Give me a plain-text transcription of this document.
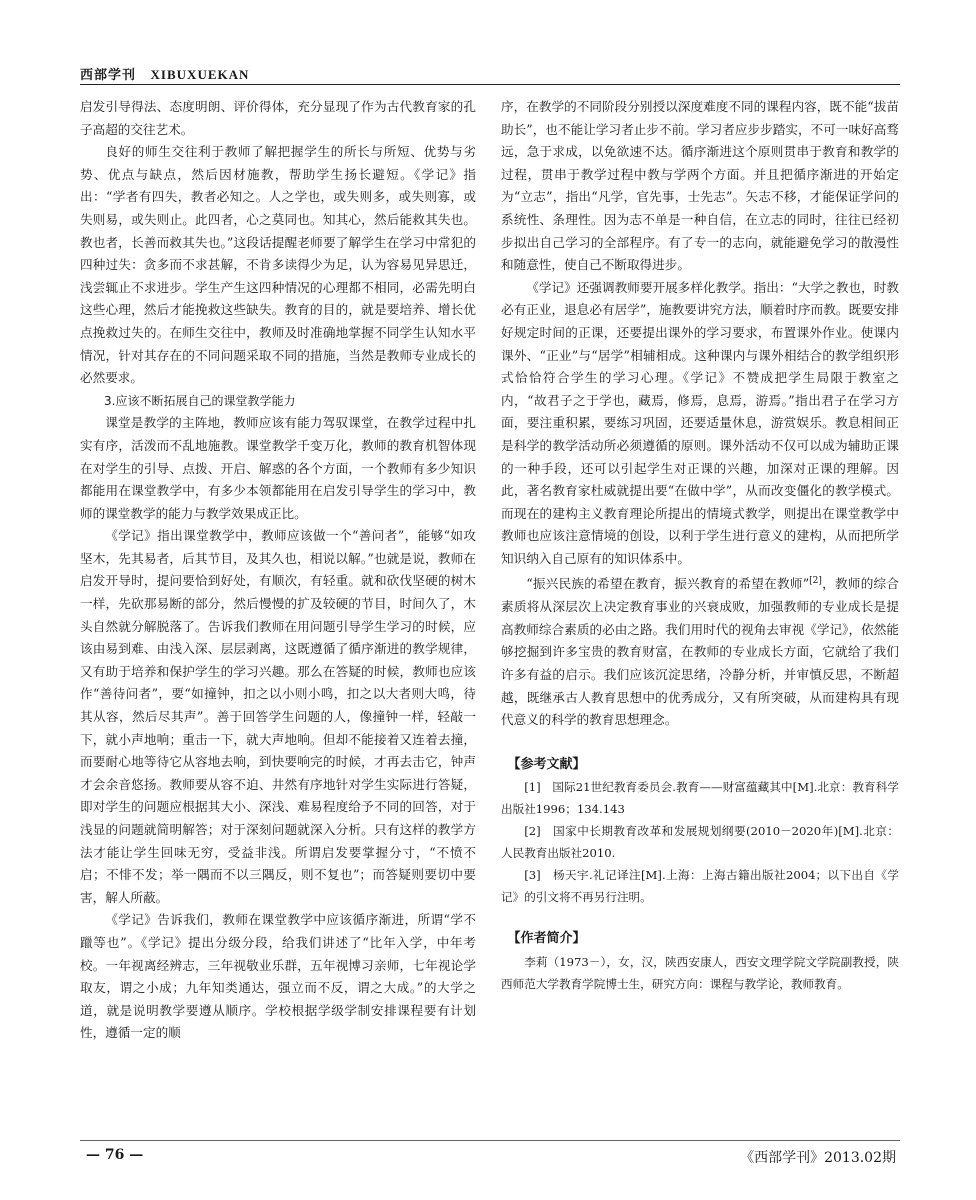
西部学刊 XIBUXUEKAN

启发引导得法、态度明朗、评价得体，充分显现了作为古代教育家的孔子高超的交往艺术。

良好的师生交往利于教师了解把握学生的所长与所短、优势与劣势、优点与缺点，然后因材施教，帮助学生扬长避短。《学记》指出：“学者有四失，教者必知之。人之学也，或失则多，或失则寡，或失则易，或失则止。此四者，心之莫同也。知其心，然后能救其失也。教也者，长善而救其失也。”这段话提醒老师要了解学生在学习中常犯的四种过失：贪多而不求甚解，不肯多读得少为足，认为容易见异思迁，浅尝辄止不求进步。学生产生这四种情况的心理都不相同，必需先明白这些心理，然后才能挽救这些缺失。教育的目的，就是要培养、增长优点挽救过失的。在师生交往中，教师及时准确地掌握不同学生认知水平情况，针对其存在的不同问题采取不同的措施，当然是教师专业成长的必然要求。

3.应该不断拓展自己的课堂教学能力

课堂是教学的主阵地，教师应该有能力驾驭课堂，在教学过程中扎实有序，活泼而不乱地施教。课堂教学千变万化，教师的教育机智体现在对学生的引导、点拨、开启、解惑的各个方面，一个教师有多少知识都能用在课堂教学中，有多少本领都能用在启发引导学生的学习中，教师的课堂教学的能力与教学效果成正比。

《学记》指出课堂教学中，教师应该做一个“善问者”，能够“如攻坚木，先其易者，后其节目，及其久也，相说以解。”也就是说，教师在启发开导时，提问要恰到好处，有顺次，有轻重。就和砍伐坚硬的树木一样，先砍那易断的部分，然后慢慢的扩及较硬的节目，时间久了，木头自然就分解脱落了。告诉我们教师在用问题引导学生学习的时候，应该由易到难、由浅入深、层层剥离，这既遵循了循序渐进的教学规律，又有助于培养和保护学生的学习兴趣。那么在答疑的时候，教师也应该作“善待问者”，要“如撞钟，扣之以小则小鸣，扣之以大者则大鸣，待其从容，然后尽其声”。善于回答学生问题的人，像撞钟一样，轻敲一下，就小声地响；重击一下，就大声地响。但却不能接着又连着去撞，而要耐心地等待它从容地去响，到快要响完的时候，才再去击它，钟声才会余音悠扬。教师要从容不迫、井然有序地针对学生实际进行答疑，即对学生的问题应根据其大小、深浅、难易程度给予不同的回答，对于浅显的问题就简明解答；对于深刻问题就深入分析。只有这样的教学方法才能让学生回味无穷，受益非浅。所谓启发要掌握分寸，“不愤不启；不悱不发；举一隅而不以三隅反，则不复也”；而答疑则要切中要害，解人所蔽。

《学记》告诉我们，教师在课堂教学中应该循序渐进，所谓“学不躐等也”。《学记》提出分级分段，给我们讲述了“比年入学，中年考校。一年视离经辨志，三年视敬业乐群，五年视博习亲师，七年视论学取友，谓之小成；九年知类通达，强立而不反，谓之大成。”的大学之道，就是说明教学要遵从顺序。学校根据学级学制安排课程要有计划性，遵循一定的顺

序，在教学的不同阶段分别授以深度难度不同的课程内容，既不能“拔苗助长”，也不能让学习者止步不前。学习者应步步踏实，不可一味好高骛远，急于求成，以免欲速不达。循序渐进这个原则贯串于教育和教学的过程，贯串于教学过程中教与学两个方面。并且把循序渐进的开始定为“立志”，指出“凡学，官先事，士先志”。矢志不移，才能保证学问的系统性、条理性。因为志不单是一种自信，在立志的同时，往往已经初步拟出自己学习的全部程序。有了专一的志向，就能避免学习的散漫性和随意性，使自己不断取得进步。

《学记》还强调教师要开展多样化教学。指出：“大学之教也，时教必有正业，退息必有居学”，施教要讲究方法，顺着时序而教。既要安排好规定时间的正课，还要提出课外的学习要求，布置课外作业。使课内课外、“正业”与“居学”相辅相成。这种课内与课外相结合的教学组织形式恰恰符合学生的学习心理。《学记》不赞成把学生局限于教室之内，“故君子之于学也，藏焉，修焉，息焉，游焉。”指出君子在学习方面，要注重积累，要练习巩固，还要适量休息，游赏娱乐。教息相间正是科学的教学活动所必须遵循的原则。课外活动不仅可以成为辅助正课的一种手段，还可以引起学生对正课的兴趣，加深对正课的理解。因此，著名教育家杜威就提出要“在做中学”，从而改变僵化的教学模式。而现在的建构主义教育理论所提出的情境式教学，则提出在课堂教学中教师也应该注意情境的创设，以利于学生进行意义的建构，从而把所学知识纳入自己原有的知识体系中。

“振兴民族的希望在教育，振兴教育的希望在教师”[2]，教师的综合素质将从深层次上决定教育事业的兴衰成败，加强教师的专业成长是提高教师综合素质的必由之路。我们用时代的视角去审视《学记》，依然能够挖掘到许多宝贵的教育财富，在教师的专业成长方面，它就给了我们许多有益的启示。我们应该沉淀思绪，冷静分析，并审慎反思，不断超越，既继承古人教育思想中的优秀成分，又有所突破，从而建构具有现代意义的科学的教育思想理念。

【参考文献】

[1]　国际21世纪教育委员会.教育——财富蕴藏其中[M].北京：教育科学出版社1996；134.143

[2]　国家中长期教育改革和发展规划纲要(2010－2020年)[M].北京：人民教育出版社2010.

[3]　杨天宇.礼记译注[M].上海：上海古籍出版社2004；以下出自《学记》的引文将不再另行注明。

【作者简介】

李莉（1973－），女，汉，陕西安康人，西安文理学院文学院副教授，陕西师范大学教育学院博士生，研究方向：课程与教学论，教师教育。

— 76 —	《西部学刊》2013.02期
